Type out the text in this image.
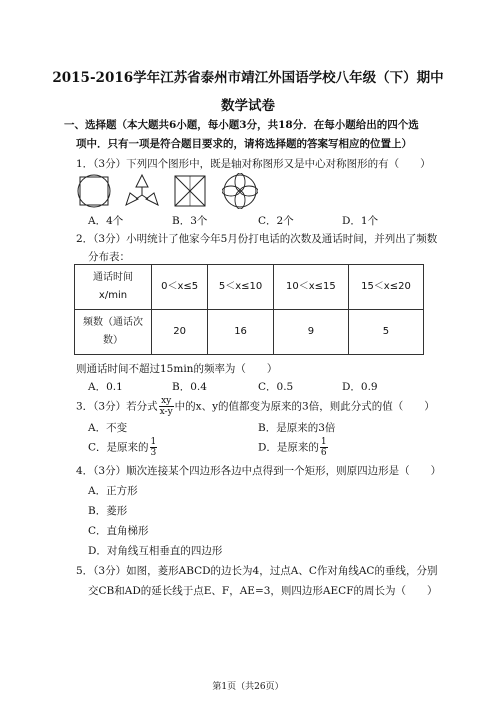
2015-2016学年江苏省泰州市靖江外国语学校八年级（下）期中
数学试卷
一、选择题（本大题共6小题，每小题3分，共18分．在每小题给出的四个选
项中．只有一项是符合题目要求的，请将选择题的答案写相应的位置上）
1．（3分）下列四个图形中，既是轴对称图形又是中心对称图形的有（　　）
A．4个	B．3个	C．2个	D．1个
2．（3分）小明统计了他家今年5月份打电话的次数及通话时间，并列出了频数
分布表：
通话时间
x/min	0＜x≤5	5＜x≤10	10＜x≤15	15＜x≤20
频数（通话次
数）	20	16	9	5
则通话时间不超过15min的频率为（　　）
A．0.1	B．0.4	C．0.5	D．0.9
3．（3分）若分式 $\frac{xy}{x-y}$ 中的x、y的值都变为原来的3倍，则此分式的值（　　）
A．不变	B．是原来的3倍
C．是原来的 $\frac{1}{3}$	D．是原来的 $\frac{1}{6}$
4．（3分）顺次连接某个四边形各边中点得到一个矩形，则原四边形是（　　）
A．正方形
B．菱形
C．直角梯形
D．对角线互相垂直的四边形
5．（3分）如图，菱形ABCD的边长为4，过点A、C作对角线AC的垂线，分别
交CB和AD的延长线于点E、F，AE=3，则四边形AECF的周长为（　　）
第1页（共26页）
